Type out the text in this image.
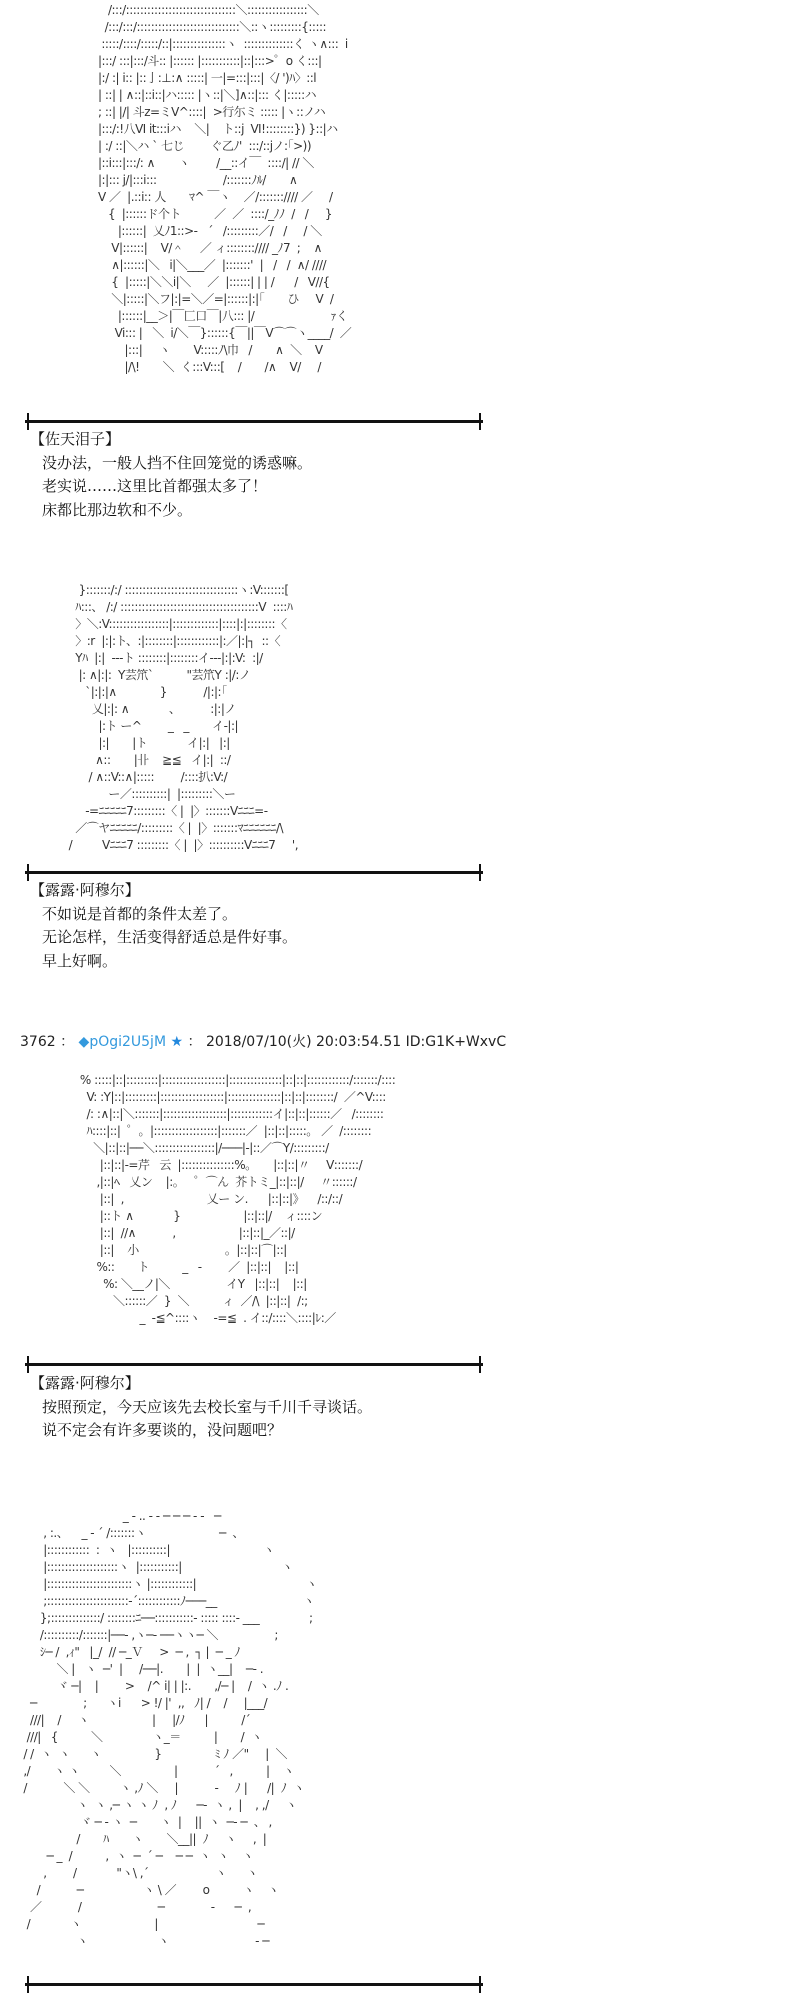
/:::/:::::::::::::::::::::::::::::::＼:::::::::::::::::＼
/:::/:::/:::::::::::::::::::::::::::::＼::ヽ:::::::::{:::::
:::::/::::/:::::/::|:::::::::::::::ヽ  ::::::::::::::く ヽ∧:::  i
|:::/ :::|:::/斗:: |:::::: |:::::::::::|::|:::>゜o く:::|
|:/ :| i:: |::亅:⊥:∧ :::::| 一|=:::|:::|〈/ ')ﾊ〉::l
| ::| | ∧::|::i::|ハ::::: |ヽ::|＼]∧::|::: く|:::::ハ
; ::| |/| 斗z=ミV^::::|  >行尓ミ ::::: |ヽ::ノハ
|:::/:!八Ⅵ it:::iハ    ＼|    ト::j  Ⅵ!::::::::}) }::|ハ
| :/ ::|＼ハ ` 七じ        ぐ乙ﾉ'  :::/::jノ:｢>))
|::i:::|:::/: ∧       ヽ        /__::イ￣  ::::/| // ＼
|:|::: j/|:::i:::                    /:::::::ﾉﾙ/       ∧
V ／  |.::i:: 人       ﾏ^ ￣ヽ    ／/::::::://// ／     /
{  |::::::ド个ト          ／  ／  ::::/_ﾉﾉ  /   /     }
|::::::|  乂ﾉ1::>-   ´   /:::::::::／/   /     / ＼
V|::::::|    V/＾     ／ ィ:::::::://// _ﾉ7  ;    ∧
∧|::::::|＼   i|＼___／  |:::::::'  |   /   /  ∧/ ////
{  |:::::|＼＼i|＼     ／  |::::::| | | /      /   V//{
＼|:::::|＼フ|:|=＼／=|::::::|:|｢       ひ     V  /
|::::::|__＞|￣匚口￣|八::: |/                       ｧく
Vi::: |   ＼  i/＼￣}::::::{￣||￣V⌒⌒ヽ____/  ／
|:::|     ヽ       V:::::ﾉ\巾   /       ∧  ＼    V
|/\!       ＼  く:::V:::[    /       /∧    V/     /
【佐天泪子】
没办法，一般人挡不住回笼觉的诱惑嘛。
老实说……这里比首都强太多了！
床都比那边软和不少。
}:::::::/:/ ::::::::::::::::::::::::::::::::ヽ:V:::::::[
ﾊ:::、 /:/ :::::::::::::::::::::::::::::::::::::::V  ::::ﾊ
〉＼:V:::::::::::::::::|:::::::::::::|::::|:|::::::::〈
〉:r  |:|:ト、:|::::::::|::::::::::::|:／|:|┐  ::〈
Yﾊ  |:|  ---ト ::::::::|::::::::イ---|:|:V:  :|/
|: ∧|:|:  Y芸笊`          "芸笊Y :|/:ノ
`|:|:|∧             }           /|:|:｢
乂|:|: ∧            、         :|:|ノ
|:ト ー^        _   _       イ-|:|
|:|       |ト            イ|:|   |:|
∧::       |卝    ≧≦   イ|:|  ::/
/ ∧::V::∧|:::::        /::::扒:V:/
ー／::::::::::|  |:::::::::＼ー
-=ﾆﾆﾆﾆﾆ7:::::::::〈 |  |〉:::::::Vﾆﾆﾆ=-
／⌒ヤﾆﾆﾆﾆﾆ/:::::::::〈 |  |〉:::::::ﾏﾆﾆﾆﾆﾆﾆ/\
/         Vﾆﾆﾆ7 :::::::::〈 |  |〉::::::::::Vﾆﾆﾆ7     ',
【露露·阿穆尔】
不如说是首都的条件太差了。
无论怎样，生活变得舒适总是件好事。
早上好啊。
3762 ： ◆pOgi2U5jM ★ ： 2018/07/10(火) 20:03:54.51 ID:G1K+WxvC
% :::::|::|:::::::::|::::::::::::::::::|:::::::::::::::|::|::|::::::::::::/:::::::/::::
V: :Y|::|:::::::::|::::::::::::::::::|:::::::::::::::|::|::|::::::::/  ／^V::::
/: :∧|::|＼:::::::|::::::::::::::::::|::::::::::::イ|::|::|::::::／   /::::::::
ﾊ::::|::|  ゜。|::::::::::::::::::|:::::::／  |::|::|:::::。 ／  /::::::::
＼|::|::|──＼:::::::::::::::::|/───|-|::／⌒Y/:::::::::/
|::|::|-=芹   云  |:::::::::::::::%。     |::|::|〃     Ⅴ:::::::/
,|::|ﾍ   乂ン    |:。   ゜⌒ん  芥トミ_|::|::|/     〃::::::/
|::|  ,                         乂ー ン.      |::|::|》    /::/::/
|::ト ∧            }                   |::|::|/    ィ::::ン
|::|  //∧           ,                   |::|::|_／::|/
|::|    小                          。|::|::|⌒|::|
%::       ト          _   ‐        ／  |::|::|    |::|
%: ＼__ノ|＼                 イY   |::|::|    |::|
＼::::::／  }  ＼          ィ  ／/\  |::|::|  /:;
_  -≦^::::ヽ    -=≦  . イ::/::::＼::::|ﾚ:／
【露露·阿穆尔】
按照预定，今天应该先去校长室与千川千寻谈话。
说不定会有许多要谈的，没问题吧？
_ ‐ .. ‐ ‐ ─ ─ ─ ‐ ‐   ─
, :.、    _ - ´ /:::::::ヽ                      ─  、
|::::::::::::  :  ヽ   |::::::::::|                            ヽ
|::::::::::::::::::::ヽ  |:::::::::::|                              ヽ
|::::::::::::::::::::::::ヽ |::::::::::::|                                 ヽ
;:::::::::::::::::::::::-´::::::::::::ﾉ───__                          ヽ
};::::::::::::::/ ::::::::ﾆ──:::::::::::‐ ::::: ::::‐ ___               ;
/::::::::::/:::::::|──‐ ,ヽ─‐ ──ヽヽ─ ＼                 ;
ｼ─ /  ,ｨ"   |_/  // ─_Ｖ     >  ─ ,  ┐ |  ─ _ ﾉ
＼ |   ヽ  ─'  |     /──|.       |  |  ヽ__|    ─‐ .
ヾ ─|    |        >    /^ i| | |:.       ,/─ |    /  ヽ .ﾉ .
─              ;      ヽi      > !/ |'  ,,   ﾉ| /    /     |___/
///|    /     ヽ                   |     |/ﾉ      |          /´
///|   {          ＼               ヽ_＝          |       /  ヽ
/ /  ヽ  ヽ      ヽ                }                ﾐ ﾉ ／"     |  ＼
,/       ヽ ヽ         ＼                |           ´   ,          |    ヽ
/           ＼ ＼         ヽ ,ﾉ ＼     |           -     ﾉ |      /|  ﾉ  ヽ
ヽ  ヽ ,─ ヽ ヽ ﾉ  , ﾉ      ─‐  ヽ ,  |    , ,/     ヽ
ヾ ─ ‐ ヽ  ─       ヽ  |    ||  ヽ  ─‐ ─  、 ,
/       ﾊ       ヽ       ＼__||  ﾉ     ヽ     ,  |
─ _  /          ,  ヽ  ─  ´ ─    ─ ─  ヽ  ヽ    ヽ
,        /            "ヽ\ ,´                    ヽ      ヽ
/           ─                  ヽ \ ／        o          ヽ    ヽ
／           /                       ─              ‐      ─  ,
/            ヽ                      |                              ─
ヽ                     ヽ                          ‐ ─
